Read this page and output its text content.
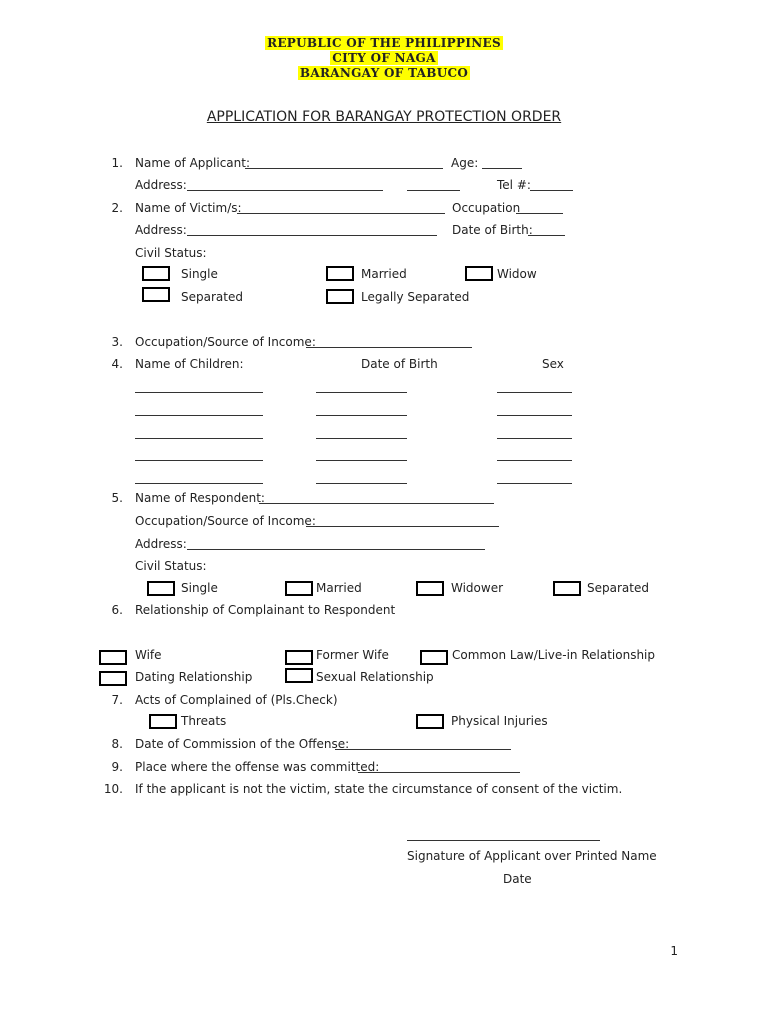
REPUBLIC OF THE PHILIPPINES
CITY OF NAGA
BARANGAY OF TABUCO
APPLICATION FOR BARANGAY PROTECTION ORDER
1. Name of Applicant:	Age:
Address:	Tel #:
2. Name of Victim/s:	Occupation
Address:	Date of Birth:
Civil Status:
Single	Married	Widow
Separated	Legally Separated
3. Occupation/Source of Income:
4. Name of Children:	Date of Birth	Sex
5. Name of Respondent:
Occupation/Source of Income:
Address:
Civil Status:
Single	Married	Widower	Separated
6. Relationship of Complainant to Respondent
Wife	Former Wife	Common Law/Live-in Relationship
Dating Relationship	Sexual Relationship
7. Acts of Complained of (Pls.Check)
Threats	Physical Injuries
8. Date of Commission of the Offense:
9. Place where the offense was committed:
10. If the applicant is not the victim, state the circumstance of consent of the victim.
Signature of Applicant over Printed Name
Date
1
